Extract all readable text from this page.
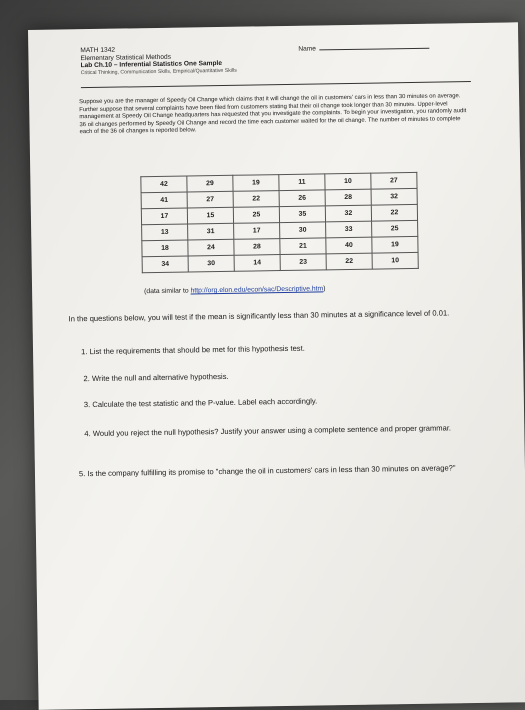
MATH 1342
Elementary Statistical Methods
Lab Ch.10 – Inferential Statistics One Sample
Critical Thinking, Communication Skills, Empirical/Quantitative Skills
Name
Suppose you are the manager of Speedy Oil Change which claims that it will change the oil in customers' cars in less than 30 minutes on average. Further suppose that several complaints have been filed from customers stating that their oil change took longer than 30 minutes. Upper-level management at Speedy Oil Change headquarters has requested that you investigate the complaints. To begin your investigation, you randomly audit 36 oil changes performed by Speedy Oil Change and record the time each customer waited for the oil change. The number of minutes to complete each of the 36 oil changes is reported below.
42	29	19	11	10	27
41	27	22	26	28	32
17	15	25	35	32	22
13	31	17	30	33	25
18	24	28	21	40	19
34	30	14	23	22	10
(data similar to http://org.elon.edu/econ/sac/Descriptive.htm)
In the questions below, you will test if the mean is significantly less than 30 minutes at a significance level of 0.01.
1. List the requirements that should be met for this hypothesis test.
2. Write the null and alternative hypothesis.
3. Calculate the test statistic and the P-value. Label each accordingly.
4. Would you reject the null hypothesis? Justify your answer using a complete sentence and proper grammar.
5. Is the company fulfilling its promise to "change the oil in customers' cars in less than 30 minutes on average?"
